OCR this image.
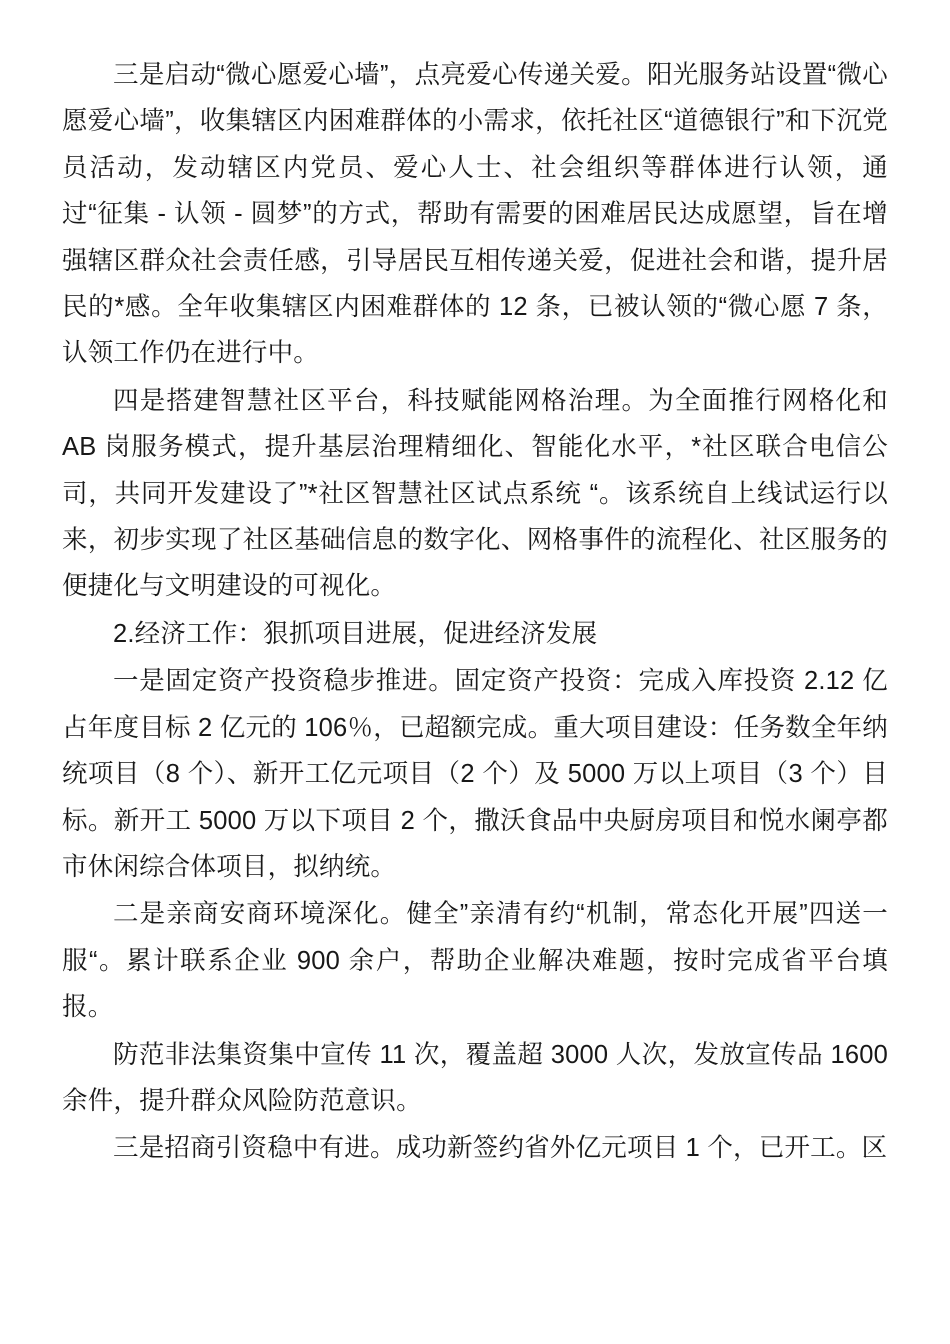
三是启动“微心愿爱心墙”，点亮爱心传递关爱。阳光服务站设置“微心愿爱心墙”，收集辖区内困难群体的小需求，依托社区“道德银行”和下沉党员活动，发动辖区内党员、爱心人士、社会组织等群体进行认领，通过“征集 - 认领 - 圆梦”的方式，帮助有需要的困难居民达成愿望，旨在增强辖区群众社会责任感，引导居民互相传递关爱，促进社会和谐，提升居民的*感。全年收集辖区内困难群体的 12 条，已被认领的“微心愿 7 条，认领工作仍在进行中。

四是搭建智慧社区平台，科技赋能网格治理。为全面推行网格化和 AB 岗服务模式，提升基层治理精细化、智能化水平，*社区联合电信公司，共同开发建设了”*社区智慧社区试点系统 “。该系统自上线试运行以来，初步实现了社区基础信息的数字化、网格事件的流程化、社区服务的便捷化与文明建设的可视化。

2.经济工作：狠抓项目进展，促进经济发展

一是固定资产投资稳步推进。固定资产投资：完成入库投资 2.12 亿占年度目标 2 亿元的 106％，已超额完成。重大项目建设：任务数全年纳统项目（8 个）、新开工亿元项目（2 个）及 5000 万以上项目（3 个）目标。新开工 5000 万以下项目 2 个，撒沃食品中央厨房项目和悦水阑亭都市休闲综合体项目，拟纳统。

二是亲商安商环境深化。健全”亲清有约“机制，常态化开展”四送一服“。累计联系企业 900 余户，帮助企业解决难题，按时完成省平台填报。

防范非法集资集中宣传 11 次，覆盖超 3000 人次，发放宣传品 1600 余件，提升群众风险防范意识。

三是招商引资稳中有进。成功新签约省外亿元项目 1 个，已开工。区
